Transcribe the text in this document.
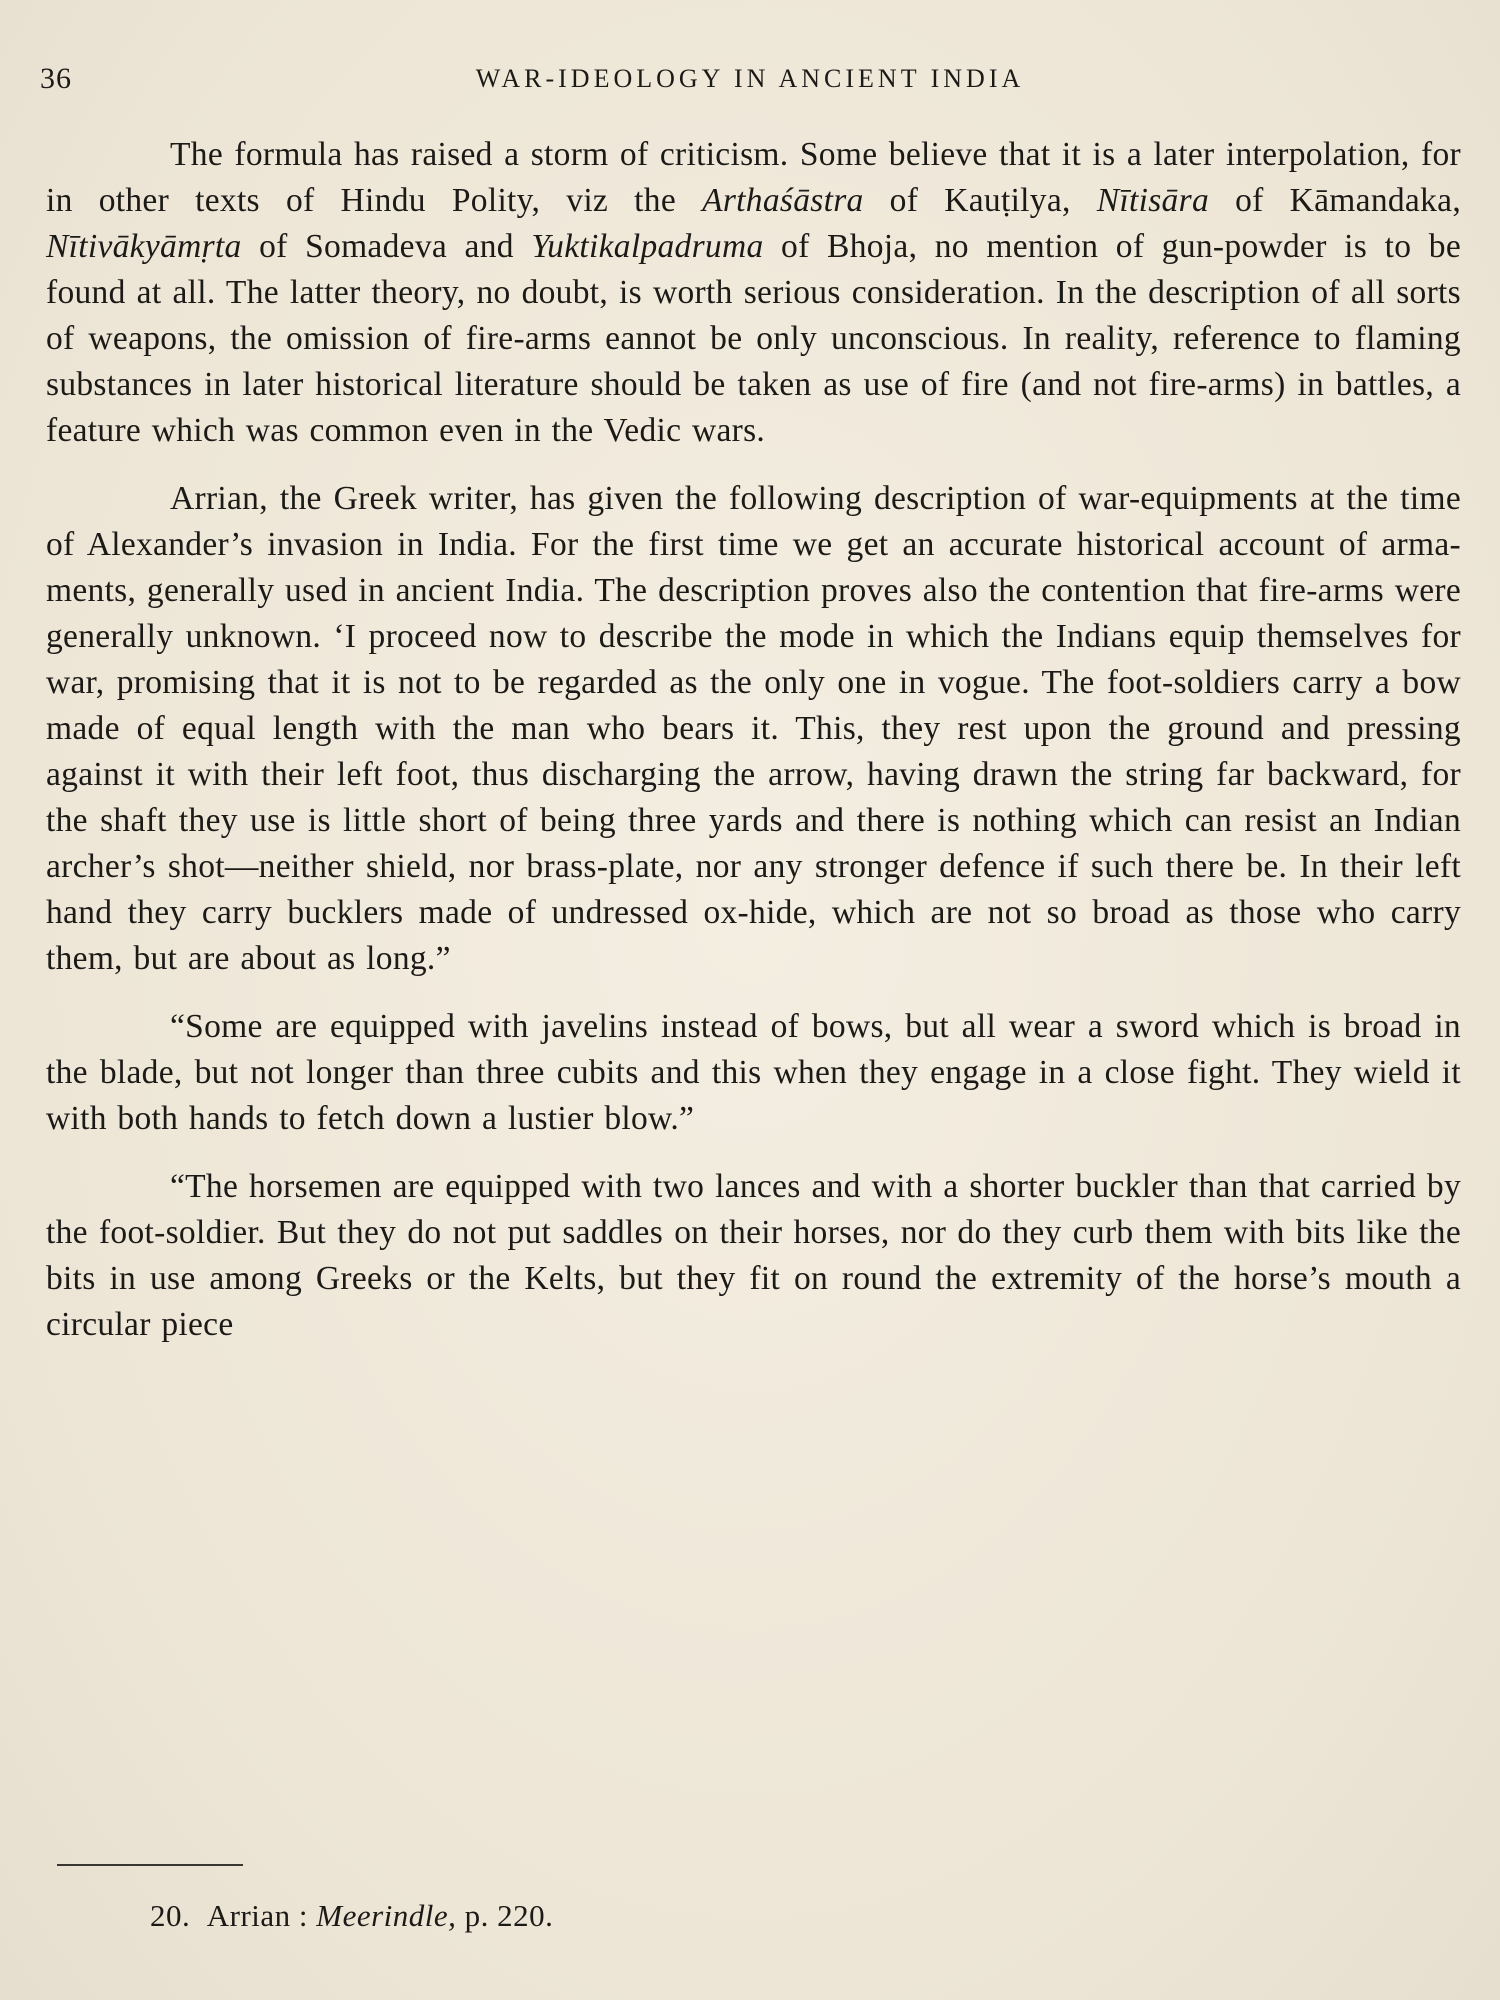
36	WAR-IDEOLOGY IN ANCIENT INDIA

The formula has raised a storm of criticism. Some believe that it is a later interpolation, for in other texts of Hindu Polity, viz the Arthaśāstra of Kauṭilya, Nītisāra of Kāmandaka, Nītivākyāmṛta of Somadeva and Yuktikalpadruma of Bhoja, no mention of gun-powder is to be found at all. The latter theory, no doubt, is worth serious consideration. In the description of all sorts of weapons, the omission of fire-arms eannot be only unconscious. In reality, reference to flaming substances in later historical literature should be taken as use of fire (and not fire-arms) in battles, a feature which was common even in the Vedic wars.

Arrian, the Greek writer, has given the following description of war-equipments at the time of Alexander’s invasion in India. For the first time we get an accurate historical account of arma-ments, generally used in ancient India. The description proves also the contention that fire-arms were generally unknown. ‘I proceed now to describe the mode in which the Indians equip themselves for war, promising that it is not to be regarded as the only one in vogue. The foot-soldiers carry a bow made of equal length with the man who bears it. This, they rest upon the ground and pressing against it with their left foot, thus discharging the arrow, having drawn the string far backward, for the shaft they use is little short of being three yards and there is nothing which can resist an Indian archer’s shot—neither shield, nor brass-plate, nor any stronger defence if such there be. In their left hand they carry bucklers made of undressed ox-hide, which are not so broad as those who carry them, but are about as long.”

“Some are equipped with javelins instead of bows, but all wear a sword which is broad in the blade, but not longer than three cubits and this when they engage in a close fight. They wield it with both hands to fetch down a lustier blow.”

“The horsemen are equipped with two lances and with a shorter buckler than that carried by the foot-soldier. But they do not put saddles on their horses, nor do they curb them with bits like the bits in use among Greeks or the Kelts, but they fit on round the extremity of the horse’s mouth a circular piece

20. Arrian : Meerindle, p. 220.
